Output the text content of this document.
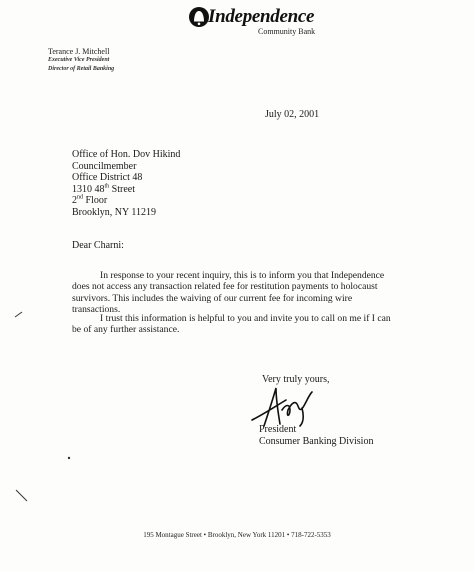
Independence
Community Bank
Terance J. Mitchell
Executive Vice President
Director of Retail Banking
July 02, 2001
Office of Hon. Dov Hikind
Councilmember
Office District 48
1310 48th Street
2nd Floor
Brooklyn, NY 11219
Dear Charni:
In response to your recent inquiry, this is to inform you that Independence does not access any transaction related fee for restitution payments to holocaust survivors. This includes the waiving of our current fee for incoming wire transactions.
I trust this information is helpful to you and invite you to call on me if I can be of any further assistance.
Very truly yours,
President
Consumer Banking Division
195 Montague Street • Brooklyn, New York 11201 • 718-722-5353
